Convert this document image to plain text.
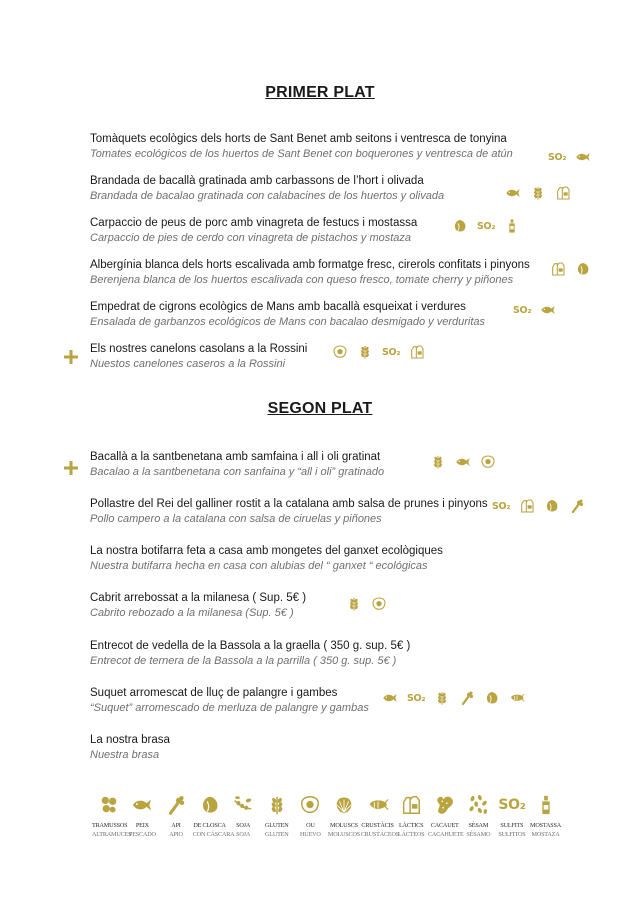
PRIMER PLAT
Tomàquets ecològics dels horts de Sant Benet amb seitons i ventresca de tonyina
Tomates ecológicos de los huertos de Sant Benet con boquerones y ventresca de atún	SO₂
Brandada de bacallà gratinada amb carbassons de l’hort i olivada
Brandada de bacalao gratinada con calabacines de los huertos y olivada
Carpaccio de peus de porc amb vinagreta de festucs i mostassa
Carpaccio de pies de cerdo con vinagreta de pistachos y mostaza
SO₂
Albergínia blanca dels horts escalivada amb formatge fresc, cirerols confitats i pinyons
Berenjena blanca de los huertos escalivada con queso fresco, tomate cherry y piñones
Empedrat de cigrons ecològics de Mans amb bacallà esqueixat i verdures
Ensalada de garbanzos ecológicos de Mans con bacalao desmigado y verduritas
SO₂
Els nostres canelons casolans a la Rossini
Nuestos canelones caseros a la Rossini
SO₂
SEGON PLAT
Bacallà a la santbenetana amb samfaina i all i oli gratinat
Bacalao a la santbenetana con sanfaina y “all i oli” gratinado
Pollastre del Rei del galliner rostit a la catalana amb salsa de prunes i pinyons
Pollo campero a la catalana con salsa de ciruelas y piñones
SO₂
La nostra botifarra feta a casa amb mongetes del ganxet ecològiques
Nuestra butifarra hecha en casa con alubias del “ ganxet “ ecológicas
Cabrit arrebossat a la milanesa ( Sup. 5€ )
Cabrito rebozado a la milanesa (Sup. 5€ )
Entrecot de vedella de la Bassola a la graella ( 350 g. sup. 5€ )
Entrecot de ternera de la Bassola a la parrilla ( 350 g. sup. 5€ )
Suquet arromescat de lluç de palangre i gambes
“Suquet” arromescado de merluza de palangre y gambas
SO₂
La nostra brasa
Nuestra brasa
TRAMUSSOS
ALTRAMUCES
PEIX
PESCADO
API
APIO
DE CLOSCA
CON CÁSCARA
SOJA
SOJA
GLUTEN
GLUTEN
OU
HUEVO
MOLUSCS
MOLUSCOS
CRUSTÀCIS
CRUSTÁCEOS
LÀCTICS
LÁCTEOS
CACAUET
CACAHUETE
SÈSAM
SÉSAMO
SO₂
SULFITS
SULFITOS
MOSTASSA
MOSTAZA
